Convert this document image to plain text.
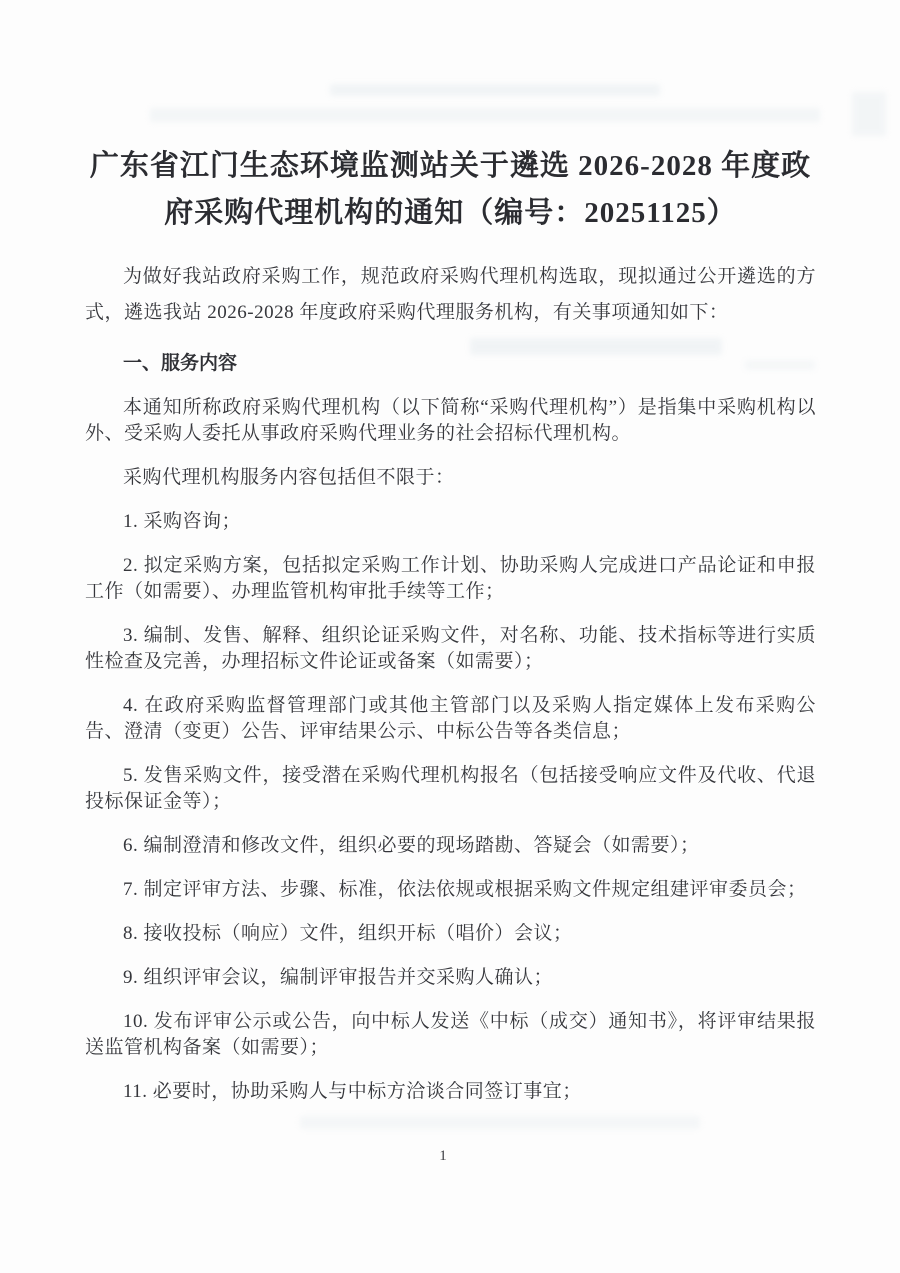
广东省江门生态环境监测站关于遴选 2026-2028 年度政府采购代理机构的通知（编号：20251125）

为做好我站政府采购工作，规范政府采购代理机构选取，现拟通过公开遴选的方式，遴选我站 2026-2028 年度政府采购代理服务机构，有关事项通知如下：

一、服务内容

本通知所称政府采购代理机构（以下简称“采购代理机构”）是指集中采购机构以外、受采购人委托从事政府采购代理业务的社会招标代理机构。

采购代理机构服务内容包括但不限于：

1. 采购咨询；

2. 拟定采购方案，包括拟定采购工作计划、协助采购人完成进口产品论证和申报工作（如需要）、办理监管机构审批手续等工作；

3. 编制、发售、解释、组织论证采购文件，对名称、功能、技术指标等进行实质性检查及完善，办理招标文件论证或备案（如需要）；

4. 在政府采购监督管理部门或其他主管部门以及采购人指定媒体上发布采购公告、澄清（变更）公告、评审结果公示、中标公告等各类信息；

5. 发售采购文件，接受潜在采购代理机构报名（包括接受响应文件及代收、代退投标保证金等）；

6. 编制澄清和修改文件，组织必要的现场踏勘、答疑会（如需要）；

7. 制定评审方法、步骤、标准，依法依规或根据采购文件规定组建评审委员会；

8. 接收投标（响应）文件，组织开标（唱价）会议；

9. 组织评审会议，编制评审报告并交采购人确认；

10. 发布评审公示或公告，向中标人发送《中标（成交）通知书》，将评审结果报送监管机构备案（如需要）；

11. 必要时，协助采购人与中标方洽谈合同签订事宜；

1
